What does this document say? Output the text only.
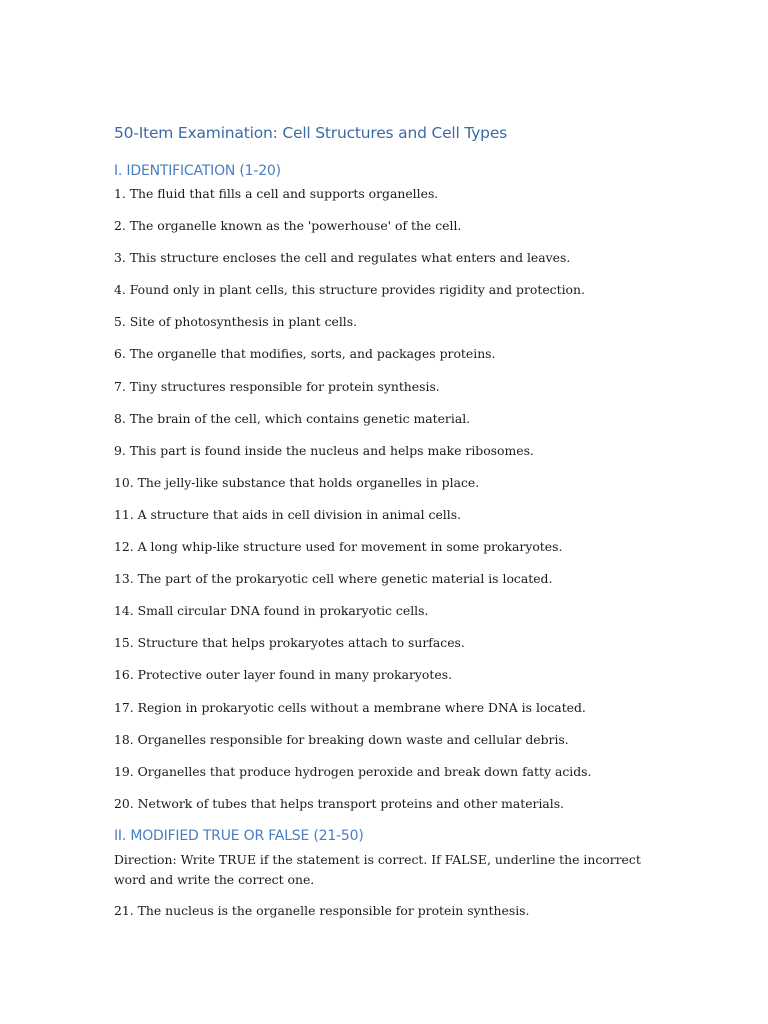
50-Item Examination: Cell Structures and Cell Types
I. IDENTIFICATION (1-20)
1. The fluid that fills a cell and supports organelles.
2. The organelle known as the 'powerhouse' of the cell.
3. This structure encloses the cell and regulates what enters and leaves.
4. Found only in plant cells, this structure provides rigidity and protection.
5. Site of photosynthesis in plant cells.
6. The organelle that modifies, sorts, and packages proteins.
7. Tiny structures responsible for protein synthesis.
8. The brain of the cell, which contains genetic material.
9. This part is found inside the nucleus and helps make ribosomes.
10. The jelly-like substance that holds organelles in place.
11. A structure that aids in cell division in animal cells.
12. A long whip-like structure used for movement in some prokaryotes.
13. The part of the prokaryotic cell where genetic material is located.
14. Small circular DNA found in prokaryotic cells.
15. Structure that helps prokaryotes attach to surfaces.
16. Protective outer layer found in many prokaryotes.
17. Region in prokaryotic cells without a membrane where DNA is located.
18. Organelles responsible for breaking down waste and cellular debris.
19. Organelles that produce hydrogen peroxide and break down fatty acids.
20. Network of tubes that helps transport proteins and other materials.
II. MODIFIED TRUE OR FALSE (21-50)

Direction: Write TRUE if the statement is correct. If FALSE, underline the incorrect word and write the correct one.

21. The nucleus is the organelle responsible for protein synthesis.
